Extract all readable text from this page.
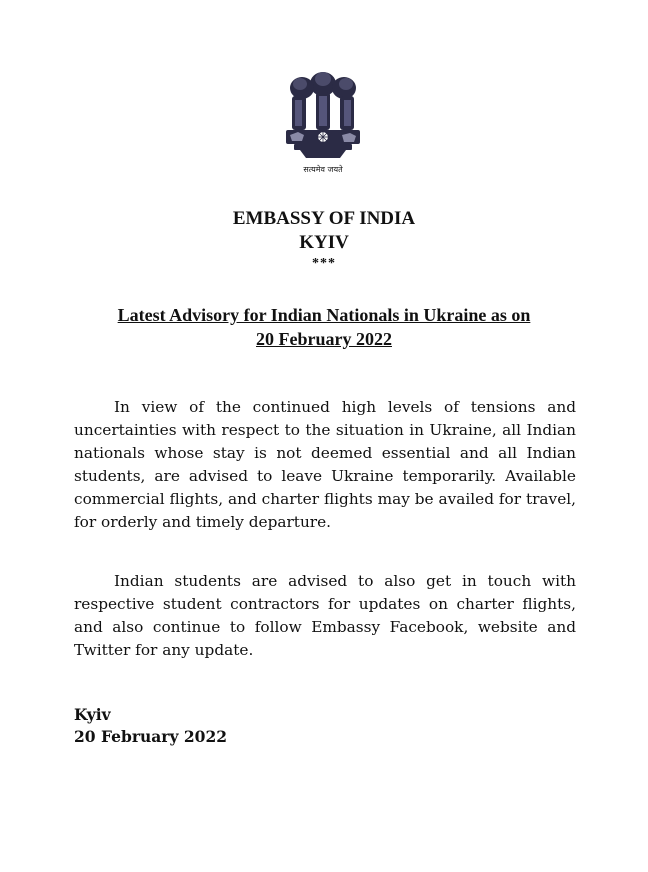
सत्यमेव जयते
EMBASSY OF INDIA
KYIV
***
Latest Advisory for Indian Nationals in Ukraine as on
20 February 2022

In view of the continued high levels of tensions and uncertainties with respect to the situation in Ukraine, all Indian nationals whose stay is not deemed essential and all Indian students, are advised to leave Ukraine temporarily. Available commercial flights, and charter flights may be availed for travel, for orderly and timely departure.

Indian students are advised to also get in touch with respective student contractors for updates on charter flights, and also continue to follow Embassy Facebook, website and Twitter for any update.

Kyiv
20 February 2022
